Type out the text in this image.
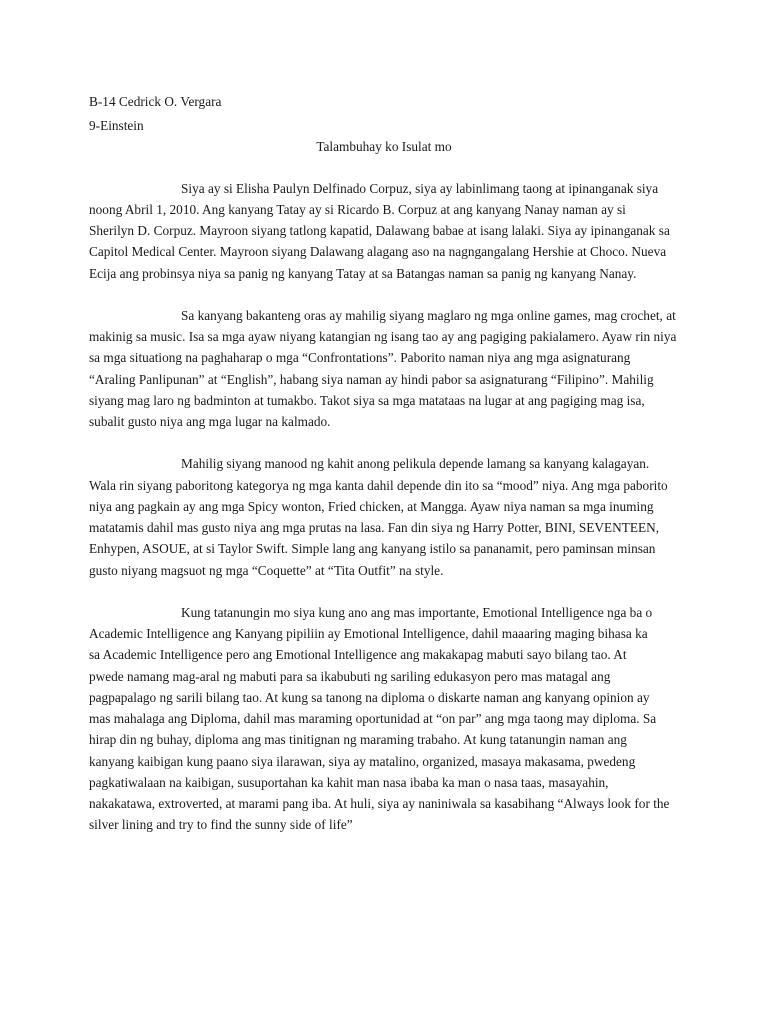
B-14 Cedrick O. Vergara
9-Einstein
Talambuhay ko Isulat mo
Siya ay si Elisha Paulyn Delfinado Corpuz, siya ay labinlimang taong at ipinanganak siya
noong Abril 1, 2010. Ang kanyang Tatay ay si Ricardo B. Corpuz at ang kanyang Nanay naman ay si
Sherilyn D. Corpuz. Mayroon siyang tatlong kapatid, Dalawang babae at isang lalaki. Siya ay ipinanganak sa
Capitol Medical Center. Mayroon siyang Dalawang alagang aso na nagngangalang Hershie at Choco. Nueva
Ecija ang probinsya niya sa panig ng kanyang Tatay at sa Batangas naman sa panig ng kanyang Nanay.
Sa kanyang bakanteng oras ay mahilig siyang maglaro ng mga online games, mag crochet, at
makinig sa music. Isa sa mga ayaw niyang katangian ng isang tao ay ang pagiging pakialamero. Ayaw rin niya
sa mga situationg na paghaharap o mga “Confrontations”. Paborito naman niya ang mga asignaturang
“Araling Panlipunan” at “English”, habang siya naman ay hindi pabor sa asignaturang “Filipino”. Mahilig
siyang mag laro ng badminton at tumakbo. Takot siya sa mga matataas na lugar at ang pagiging mag isa,
subalit gusto niya ang mga lugar na kalmado.
Mahilig siyang manood ng kahit anong pelikula depende lamang sa kanyang kalagayan.
Wala rin siyang paboritong kategorya ng mga kanta dahil depende din ito sa “mood” niya. Ang mga paborito
niya ang pagkain ay ang mga Spicy wonton, Fried chicken, at Mangga. Ayaw niya naman sa mga inuming
matatamis dahil mas gusto niya ang mga prutas na lasa. Fan din siya ng Harry Potter, BINI, SEVENTEEN,
Enhypen, ASOUE, at si Taylor Swift. Simple lang ang kanyang istilo sa pananamit, pero paminsan minsan
gusto niyang magsuot ng mga “Coquette” at “Tita Outfit” na style.
Kung tatanungin mo siya kung ano ang mas importante, Emotional Intelligence nga ba o
Academic Intelligence ang Kanyang pipiliin ay Emotional Intelligence, dahil maaaring maging bihasa ka
sa Academic Intelligence pero ang Emotional Intelligence ang makakapag mabuti sayo bilang tao. At
pwede namang mag-aral ng mabuti para sa ikabubuti ng sariling edukasyon pero mas matagal ang
pagpapalago ng sarili bilang tao. At kung sa tanong na diploma o diskarte naman ang kanyang opinion ay
mas mahalaga ang Diploma, dahil mas maraming oportunidad at “on par” ang mga taong may diploma. Sa
hirap din ng buhay, diploma ang mas tinitignan ng maraming trabaho. At kung tatanungin naman ang
kanyang kaibigan kung paano siya ilarawan, siya ay matalino, organized, masaya makasama, pwedeng
pagkatiwalaan na kaibigan, susuportahan ka kahit man nasa ibaba ka man o nasa taas, masayahin,
nakakatawa, extroverted, at marami pang iba. At huli, siya ay naniniwala sa kasabihang “Always look for the
silver lining and try to find the sunny side of life”
